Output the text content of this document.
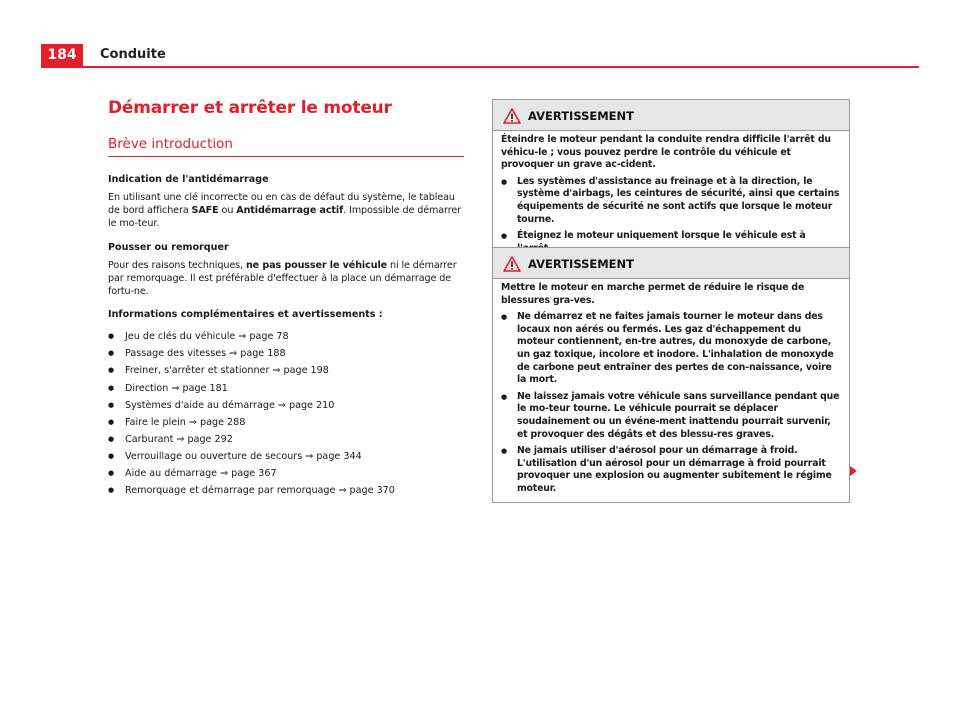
184	Conduite
Démarrer et arrêter le moteur
Brève introduction

Indication de l'antidémarrage

En utilisant une clé incorrecte ou en cas de défaut du système, le tableau de bord affichera SAFE ou Antidémarrage actif. Impossible de démarrer le mo-teur.

Pousser ou remorquer

Pour des raisons techniques, ne pas pousser le véhicule ni le démarrer par remorquage. Il est préférable d'effectuer à la place un démarrage de fortu-ne.

Informations complémentaires et avertissements :

● Jeu de clés du véhicule ⇒ page 78
● Passage des vitesses ⇒ page 188
● Freiner, s'arrêter et stationner ⇒ page 198
● Direction ⇒ page 181
● Systèmes d'aide au démarrage ⇒ page 210
● Faire le plein ⇒ page 288
● Carburant ⇒ page 292
● Verrouillage ou ouverture de secours ⇒ page 344
● Aide au démarrage ⇒ page 367
● Remorquage et démarrage par remorquage ⇒ page 370
AVERTISSEMENT

Éteindre le moteur pendant la conduite rendra difficile l'arrêt du véhicu-le ; vous pouvez perdre le contrôle du véhicule et provoquer un grave ac-cident.

● Les systèmes d'assistance au freinage et à la direction, le système d'airbags, les ceintures de sécurité, ainsi que certains équipements de sécurité ne sont actifs que lorsque le moteur tourne.

● Éteignez le moteur uniquement lorsque le véhicule est à

AVERTISSEMENT

Mettre le moteur en marche permet de réduire le risque de blessures gra-ves.

● Ne démarrez et ne faites jamais tourner le moteur dans des locaux non aérés ou fermés. Les gaz d'échappement du moteur contiennent, en-tre autres, du monoxyde de carbone, un gaz toxique, incolore et inodore. L'inhalation de monoxyde de carbone peut entraîner des pertes de con-naissance, voire la mort.

● Ne laissez jamais votre véhicule sans surveillance pendant que le mo-teur tourne. Le véhicule pourrait se déplacer soudainement ou un événe-ment inattendu pourrait survenir, et provoquer des dégâts et des blessu-res graves.

● Ne jamais utiliser d'aérosol pour un démarrage à froid. L'utilisation d'un aérosol pour un démarrage à froid pourrait provoquer une explosion ou augmenter subitement le régime moteur.
